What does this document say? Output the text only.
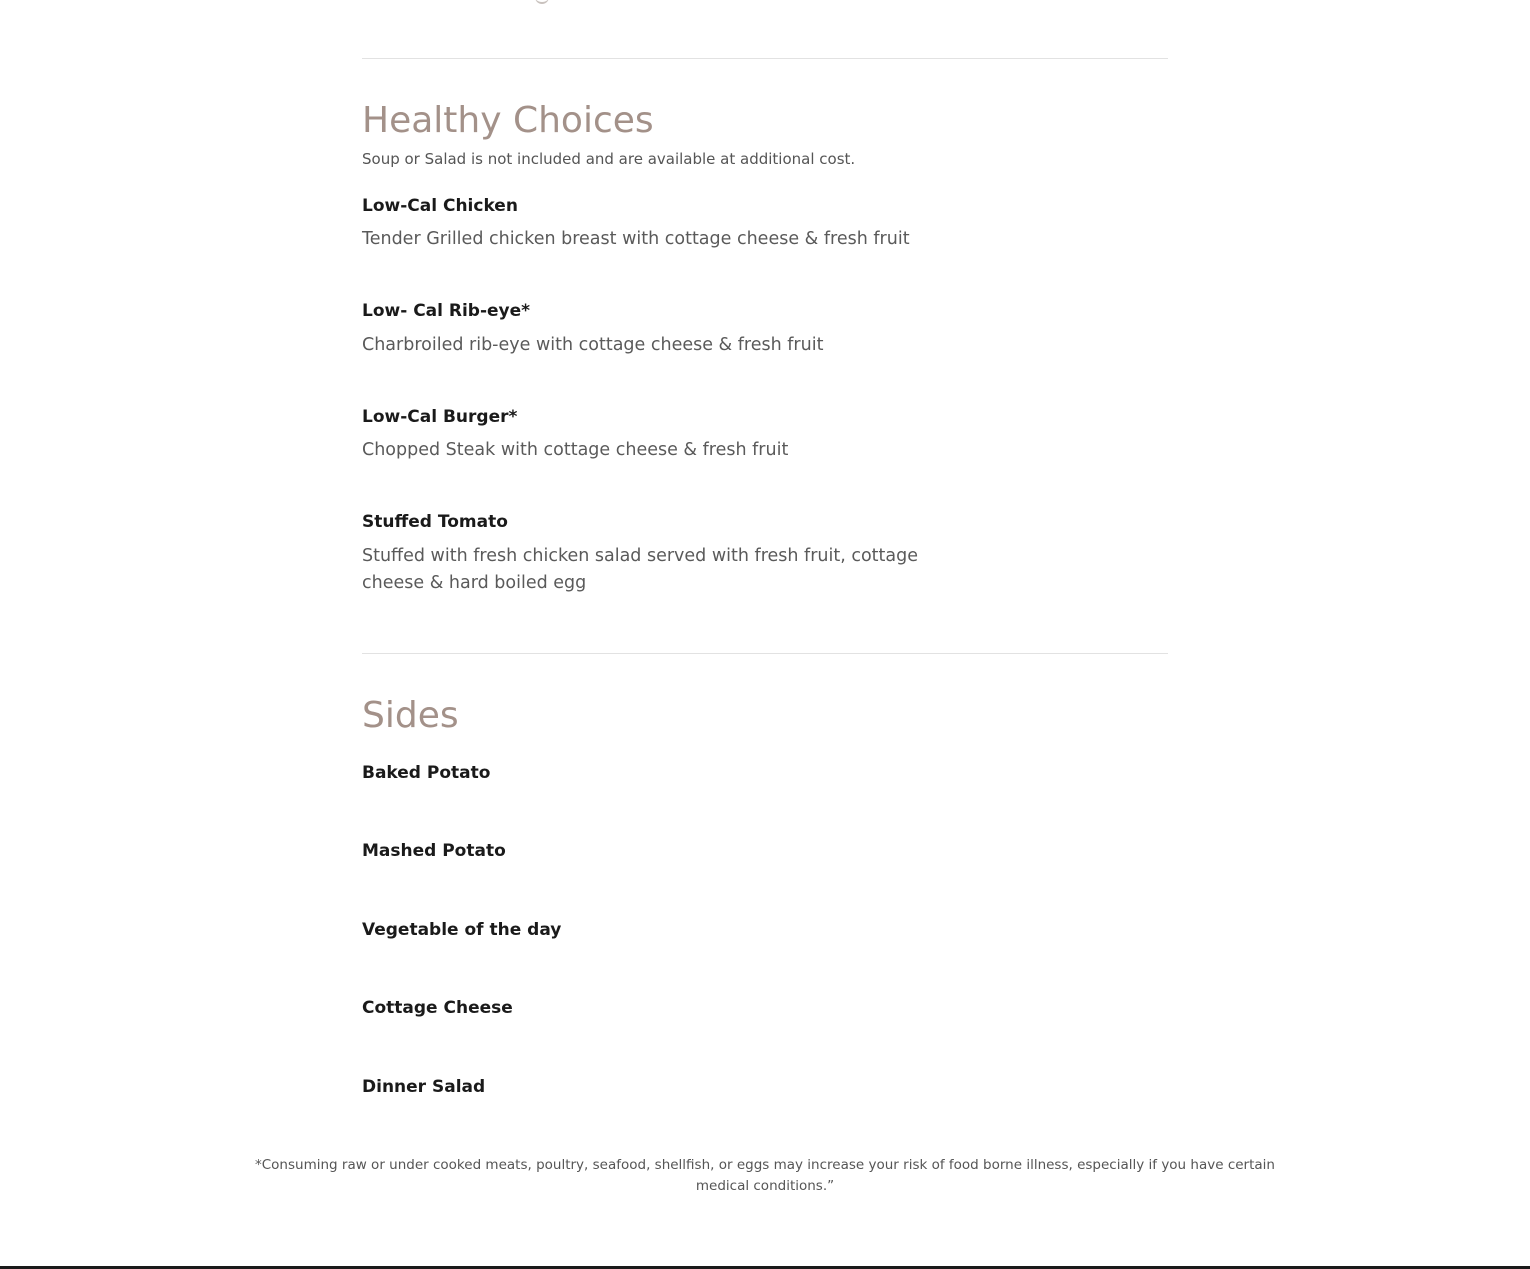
Healthy Choices

Soup or Salad is not included and are available at additional cost.

Low-Cal Chicken

Tender Grilled chicken breast with cottage cheese & fresh fruit

Low- Cal Rib-eye*

Charbroiled rib-eye with cottage cheese & fresh fruit

Low-Cal Burger*

Chopped Steak with cottage cheese & fresh fruit

Stuffed Tomato

Stuffed with fresh chicken salad served with fresh fruit, cottage cheese & hard boiled egg

Sides

Baked Potato

Mashed Potato

Vegetable of the day

Cottage Cheese

Dinner Salad

*Consuming raw or under cooked meats, poultry, seafood, shellfish, or eggs may increase your risk of food borne illness, especially if you have certain medical conditions.”
